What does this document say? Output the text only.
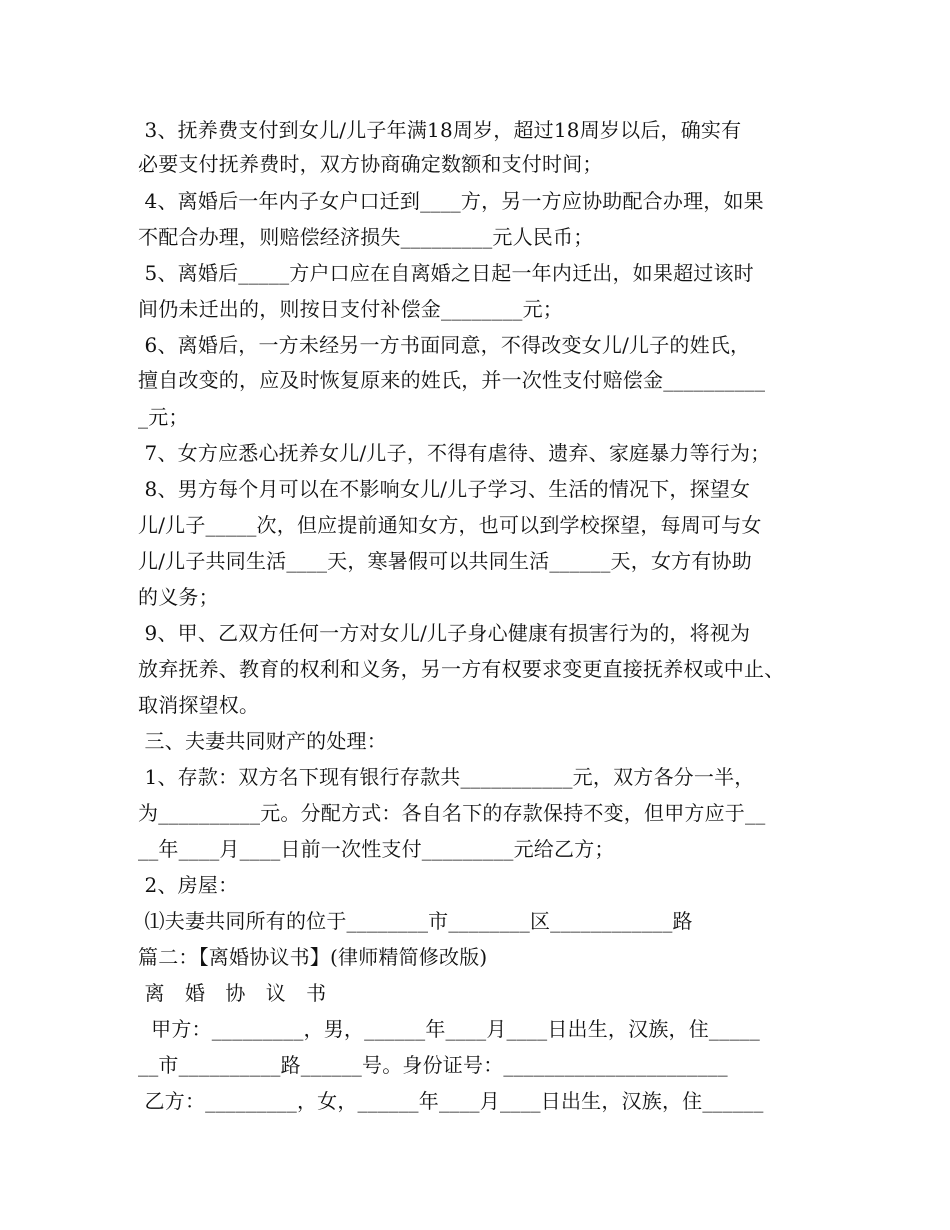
3、抚养费支付到女儿/儿子年满18周岁，超过18周岁以后，确实有
必要支付抚养费时，双方协商确定数额和支付时间；
4、离婚后一年内子女户口迁到____方，另一方应协助配合办理，如果
不配合办理，则赔偿经济损失_________元人民币；
5、离婚后_____方户口应在自离婚之日起一年内迁出，如果超过该时
间仍未迁出的，则按日支付补偿金________元；
6、离婚后，一方未经另一方书面同意，不得改变女儿/儿子的姓氏，
擅自改变的，应及时恢复原来的姓氏，并一次性支付赔偿金__________
_元；
7、女方应悉心抚养女儿/儿子，不得有虐待、遗弃、家庭暴力等行为；
8、男方每个月可以在不影响女儿/儿子学习、生活的情况下，探望女
儿/儿子_____次，但应提前通知女方，也可以到学校探望，每周可与女
儿/儿子共同生活____天，寒暑假可以共同生活______天，女方有协助
的义务；
9、甲、乙双方任何一方对女儿/儿子身心健康有损害行为的，将视为
放弃抚养、教育的权利和义务，另一方有权要求变更直接抚养权或中止、
取消探望权。
三、夫妻共同财产的处理：
1、存款：双方名下现有银行存款共___________元，双方各分一半，
为__________元。分配方式：各自名下的存款保持不变，但甲方应于__
__年____月____日前一次性支付_________元给乙方；
2、房屋：
⑴夫妻共同所有的位于________市________区____________路
篇二：【离婚协议书】(律师精简修改版)
离　婚　协　议　书
甲方：_________，男，______年____月____日出生，汉族，住_____
__市__________路______号。身份证号：______________________
乙方：_________，女，______年____月____日出生，汉族，住______
